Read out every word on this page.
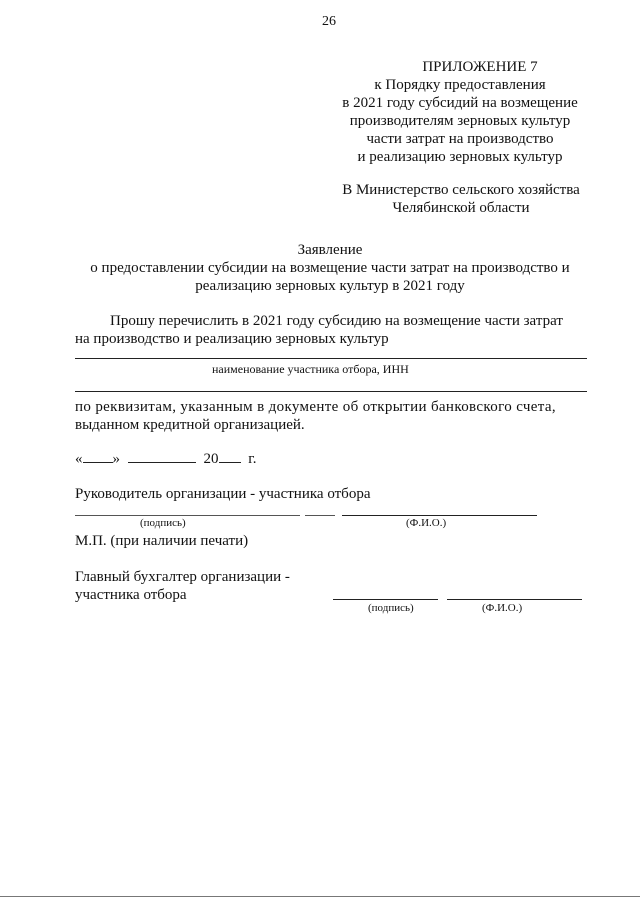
26
ПРИЛОЖЕНИЕ 7
к Порядку предоставления
в 2021 году субсидий на возмещение
производителям зерновых культур
части затрат на производство
и реализацию зерновых культур
В Министерство сельского хозяйства
Челябинской области
Заявление
о предоставлении субсидии на возмещение части затрат на производство и
реализацию зерновых культур в 2021 году
Прошу перечислить в 2021 году субсидию на возмещение части затрат
на производство и реализацию зерновых культур
наименование участника отбора, ИНН
по реквизитам, указанным в документе об открытии банковского счета,
выданном кредитной организацией.
« »	20 г.
Руководитель организации - участника отбора
(подпись)	(Ф.И.О.)
М.П. (при наличии печати)
Главный бухгалтер организации -
участника отбора
(подпись)	(Ф.И.О.)
